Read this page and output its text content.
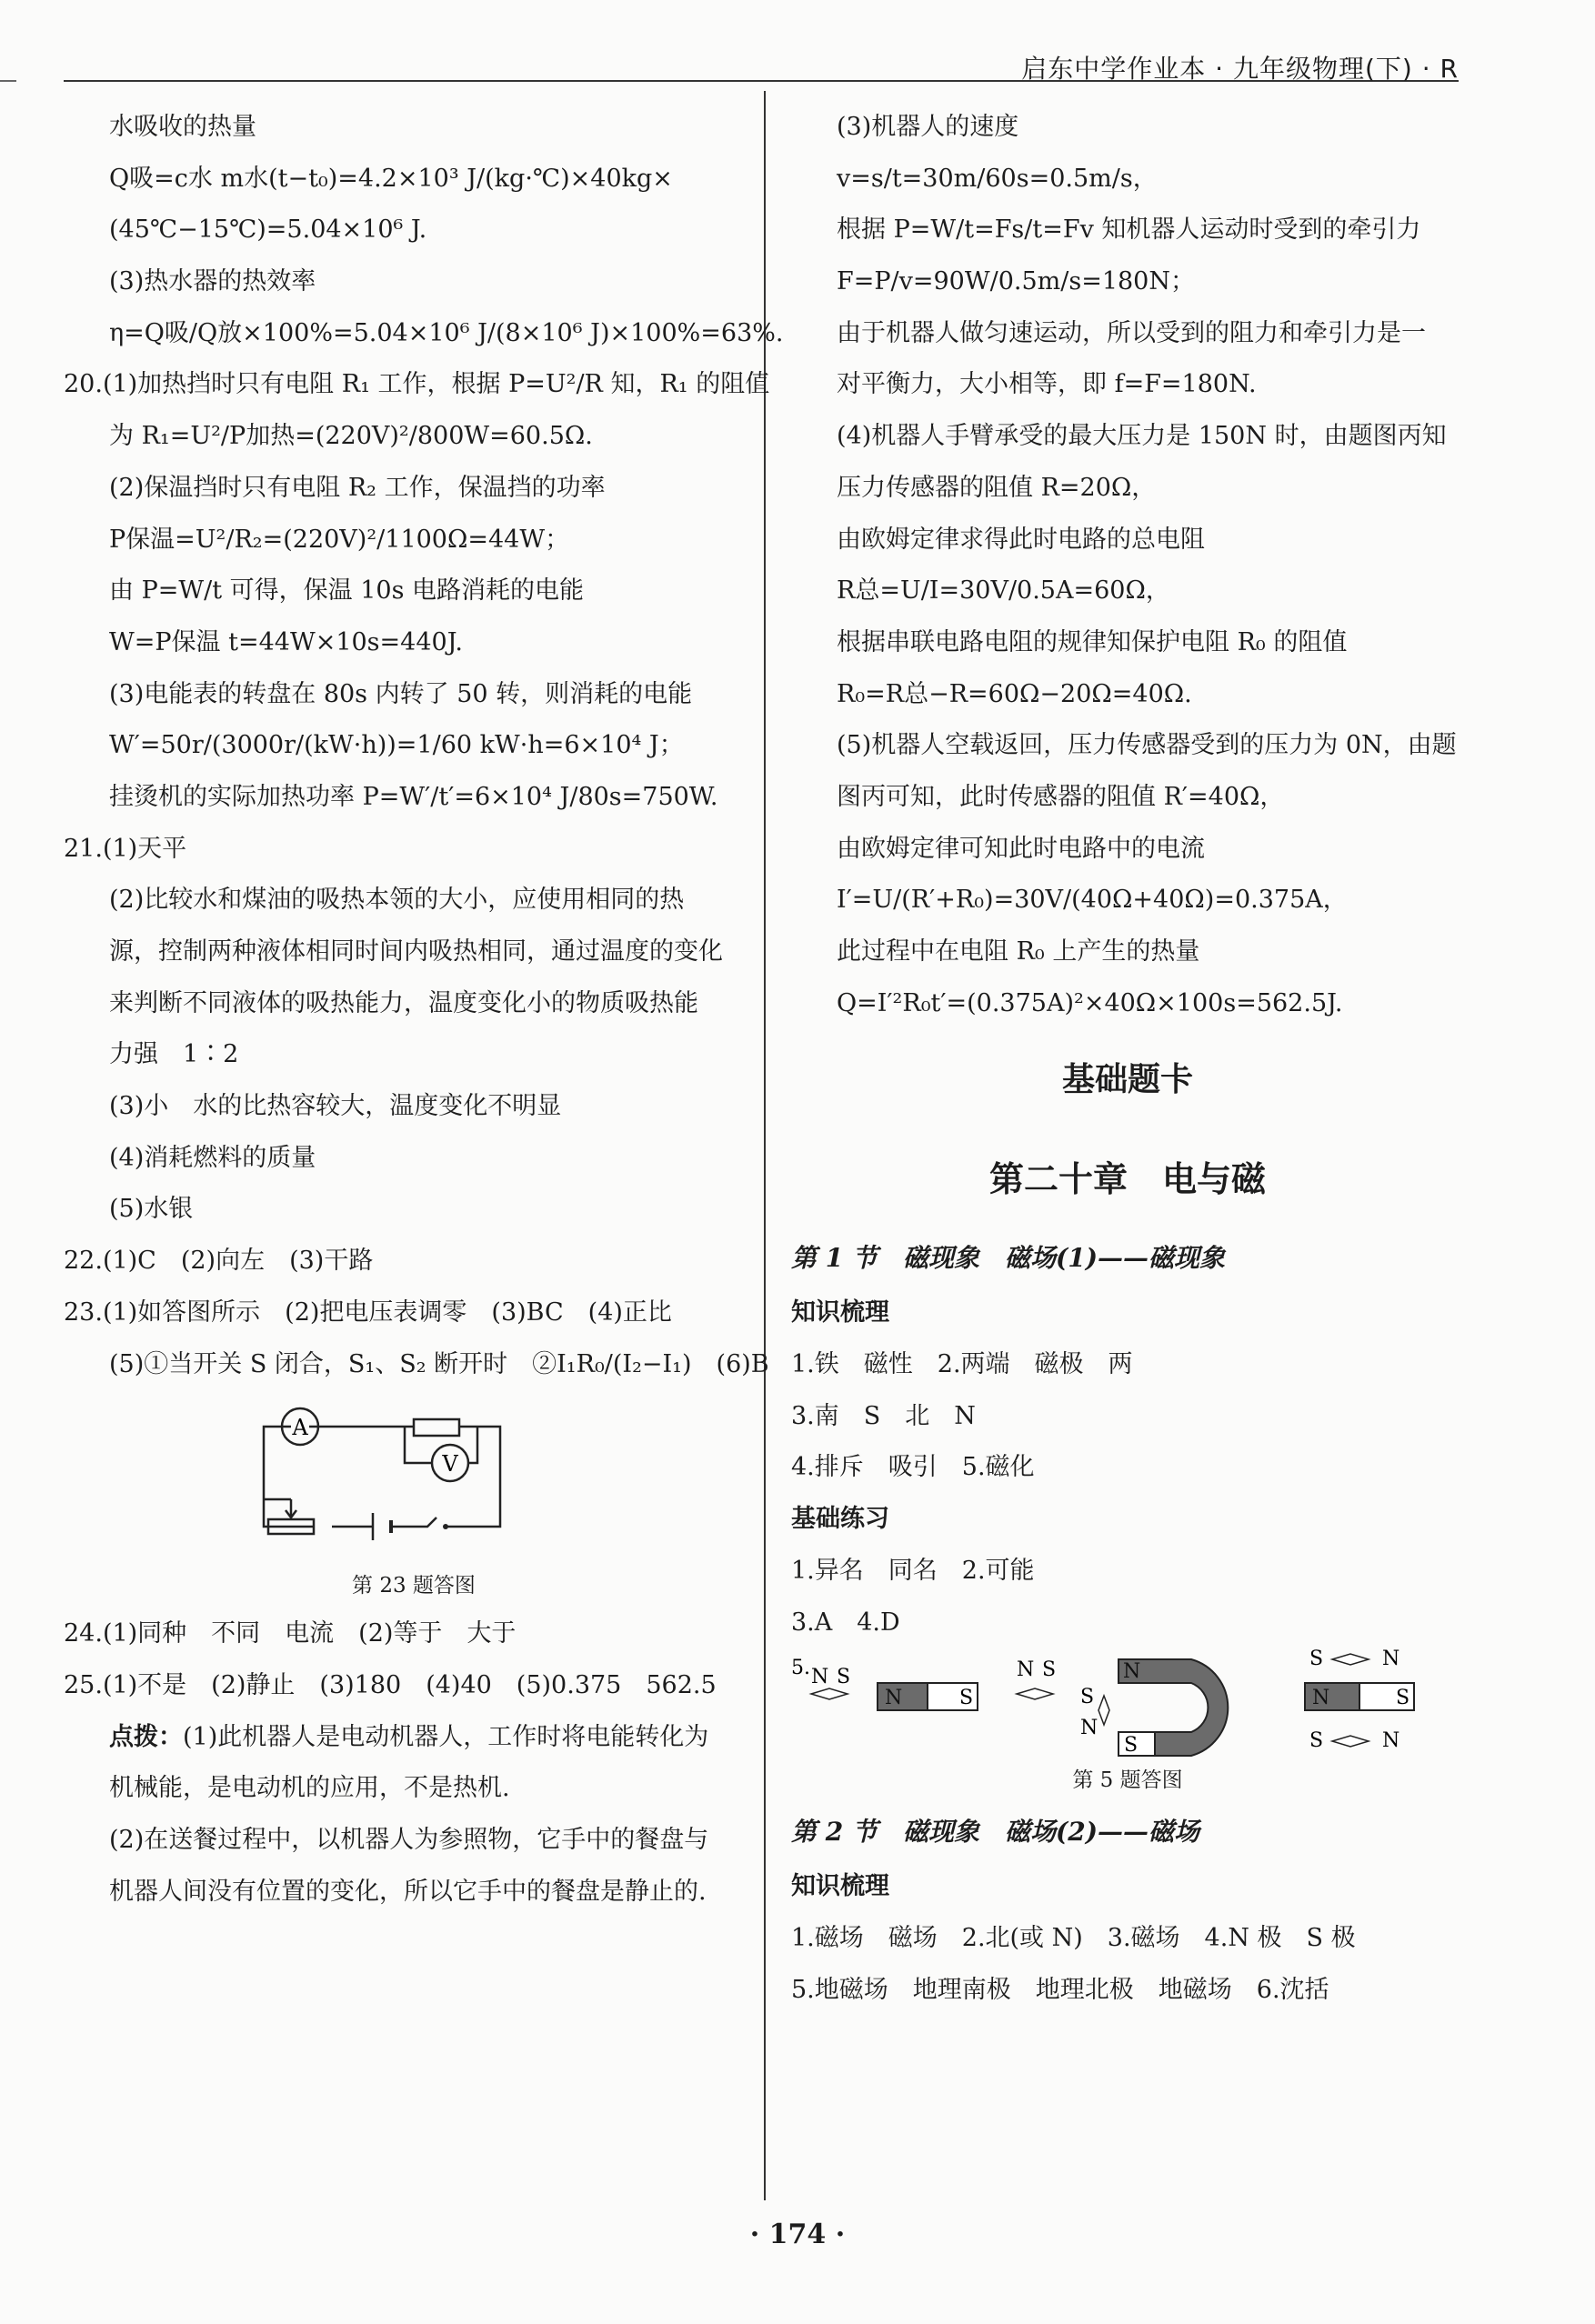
启东中学作业本 · 九年级物理(下) · R
水吸收的热量
Q吸=c水 m水(t−t₀)=4.2×10³ J/(kg·℃)×40kg×
(45℃−15℃)=5.04×10⁶ J.
(3)热水器的热效率
η=Q吸/Q放×100%=5.04×10⁶ J/(8×10⁶ J)×100%=63%.
20.(1)加热挡时只有电阻 R₁ 工作，根据 P=U²/R 知，R₁ 的阻值
为 R₁=U²/P加热=(220V)²/800W=60.5Ω.
(2)保温挡时只有电阻 R₂ 工作，保温挡的功率
P保温=U²/R₂=(220V)²/1100Ω=44W；
由 P=W/t 可得，保温 10s 电路消耗的电能
W=P保温 t=44W×10s=440J.
(3)电能表的转盘在 80s 内转了 50 转，则消耗的电能
W′=50r/(3000r/(kW·h))=1/60 kW·h=6×10⁴ J；
挂烫机的实际加热功率 P=W′/t′=6×10⁴ J/80s=750W.
21.(1)天平
(2)比较水和煤油的吸热本领的大小，应使用相同的热
源，控制两种液体相同时间内吸热相同，通过温度的变化
来判断不同液体的吸热能力，温度变化小的物质吸热能
力强　1∶2
(3)小　水的比热容较大，温度变化不明显
(4)消耗燃料的质量
(5)水银
22.(1)C　(2)向左　(3)干路
23.(1)如答图所示　(2)把电压表调零　(3)BC　(4)正比
(5)①当开关 S 闭合，S₁、S₂ 断开时　②I₁R₀/(I₂−I₁)　(6)B
A
V
第 23 题答图
24.(1)同种　不同　电流　(2)等于　大于
25.(1)不是　(2)静止　(3)180　(4)40　(5)0.375　562.5
点拨：(1)此机器人是电动机器人，工作时将电能转化为
机械能，是电动机的应用，不是热机.
(2)在送餐过程中，以机器人为参照物，它手中的餐盘与
机器人间没有位置的变化，所以它手中的餐盘是静止的.
(3)机器人的速度
v=s/t=30m/60s=0.5m/s，
根据 P=W/t=Fs/t=Fv 知机器人运动时受到的牵引力
F=P/v=90W/0.5m/s=180N；
由于机器人做匀速运动，所以受到的阻力和牵引力是一
对平衡力，大小相等，即 f=F=180N.
(4)机器人手臂承受的最大压力是 150N 时，由题图丙知
压力传感器的阻值 R=20Ω，
由欧姆定律求得此时电路的总电阻
R总=U/I=30V/0.5A=60Ω，
根据串联电路电阻的规律知保护电阻 R₀ 的阻值
R₀=R总−R=60Ω−20Ω=40Ω.
(5)机器人空载返回，压力传感器受到的压力为 0N，由题
图丙可知，此时传感器的阻值 R′=40Ω，
由欧姆定律可知此时电路中的电流
I′=U/(R′+R₀)=30V/(40Ω+40Ω)=0.375A，
此过程中在电阻 R₀ 上产生的热量
Q=I′²R₀t′=(0.375A)²×40Ω×100s=562.5J.
基础题卡
第二十章　电与磁
第 1 节　磁现象　磁场(1)——磁现象
知识梳理
1.铁　磁性　2.两端　磁极　两
3.南　S　北　N
4.排斥　吸引　5.磁化
基础练习
1.异名　同名　2.可能
3.A　4.D
5. N S
N	S
N S	N
S
S
N
S	N
N	S
S	N
第 5 题答图
第 2 节　磁现象　磁场(2)——磁场
知识梳理
1.磁场　磁场　2.北(或 N)　3.磁场　4.N 极　S 极
5.地磁场　地理南极　地理北极　地磁场　6.沈括
· 174 ·
